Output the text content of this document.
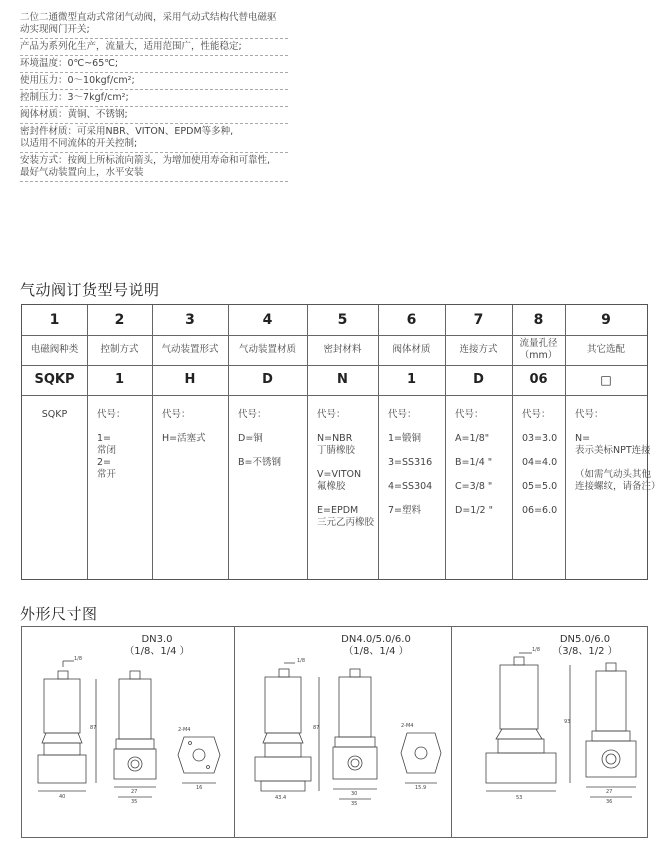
二位二通微型直动式常闭气动阀，采用气动式结构代替电磁驱
动实现阀门开关;
产品为系列化生产，流量大，适用范围广，性能稳定;
环境温度：0℃~65℃;
使用压力：0～10kgf/cm²;
控制压力：3～7kgf/cm²;
阀体材质：黄铜、不锈钢;
密封件材质：可采用NBR、VITON、EPDM等多种,
以适用不同流体的开关控制;
安装方式：按阀上所标流向箭头，为增加使用寿命和可靠性,
最好气动装置向上，水平安装
气动阀订货型号说明
1
电磁阀种类
SQKP
SQKP
2
控制方式
1
代号：
1=
常闭
2=
常开
3
气动装置形式
H
代号：
H=活塞式
4
气动装置材质
D
代号：
D=铜
B=不锈钢
5
密封材料
N
代号：
N=NBR
丁腈橡胶
V=VITON
氟橡胶
E=EPDM
三元乙丙橡胶
6
阀体材质
1
代号：
1=锻铜
3=SS316
4=SS304
7=塑料
7
连接方式
D
代号：
A=1/8"
B=1/4 "
C=3/8 "
D=1/2 "
8
流量孔径
（mm）
06
代号：
03=3.0
04=4.0
05=5.0
06=6.0
9
其它选配
□
代号：
N=
表示美标NPT连接
（如需气动头其他
连接螺纹，请备注）
外形尺寸图
DN3.0
（1/8、1/4 ）
1/8
87
40
27
35
16
2-M4
DN4.0/5.0/6.0
（1/8、1/4 ）
1/8
87
43.4
30
35
15.9
2-M4
DN5.0/6.0
（3/8、1/2 ）
1/8
93
53
27
36
